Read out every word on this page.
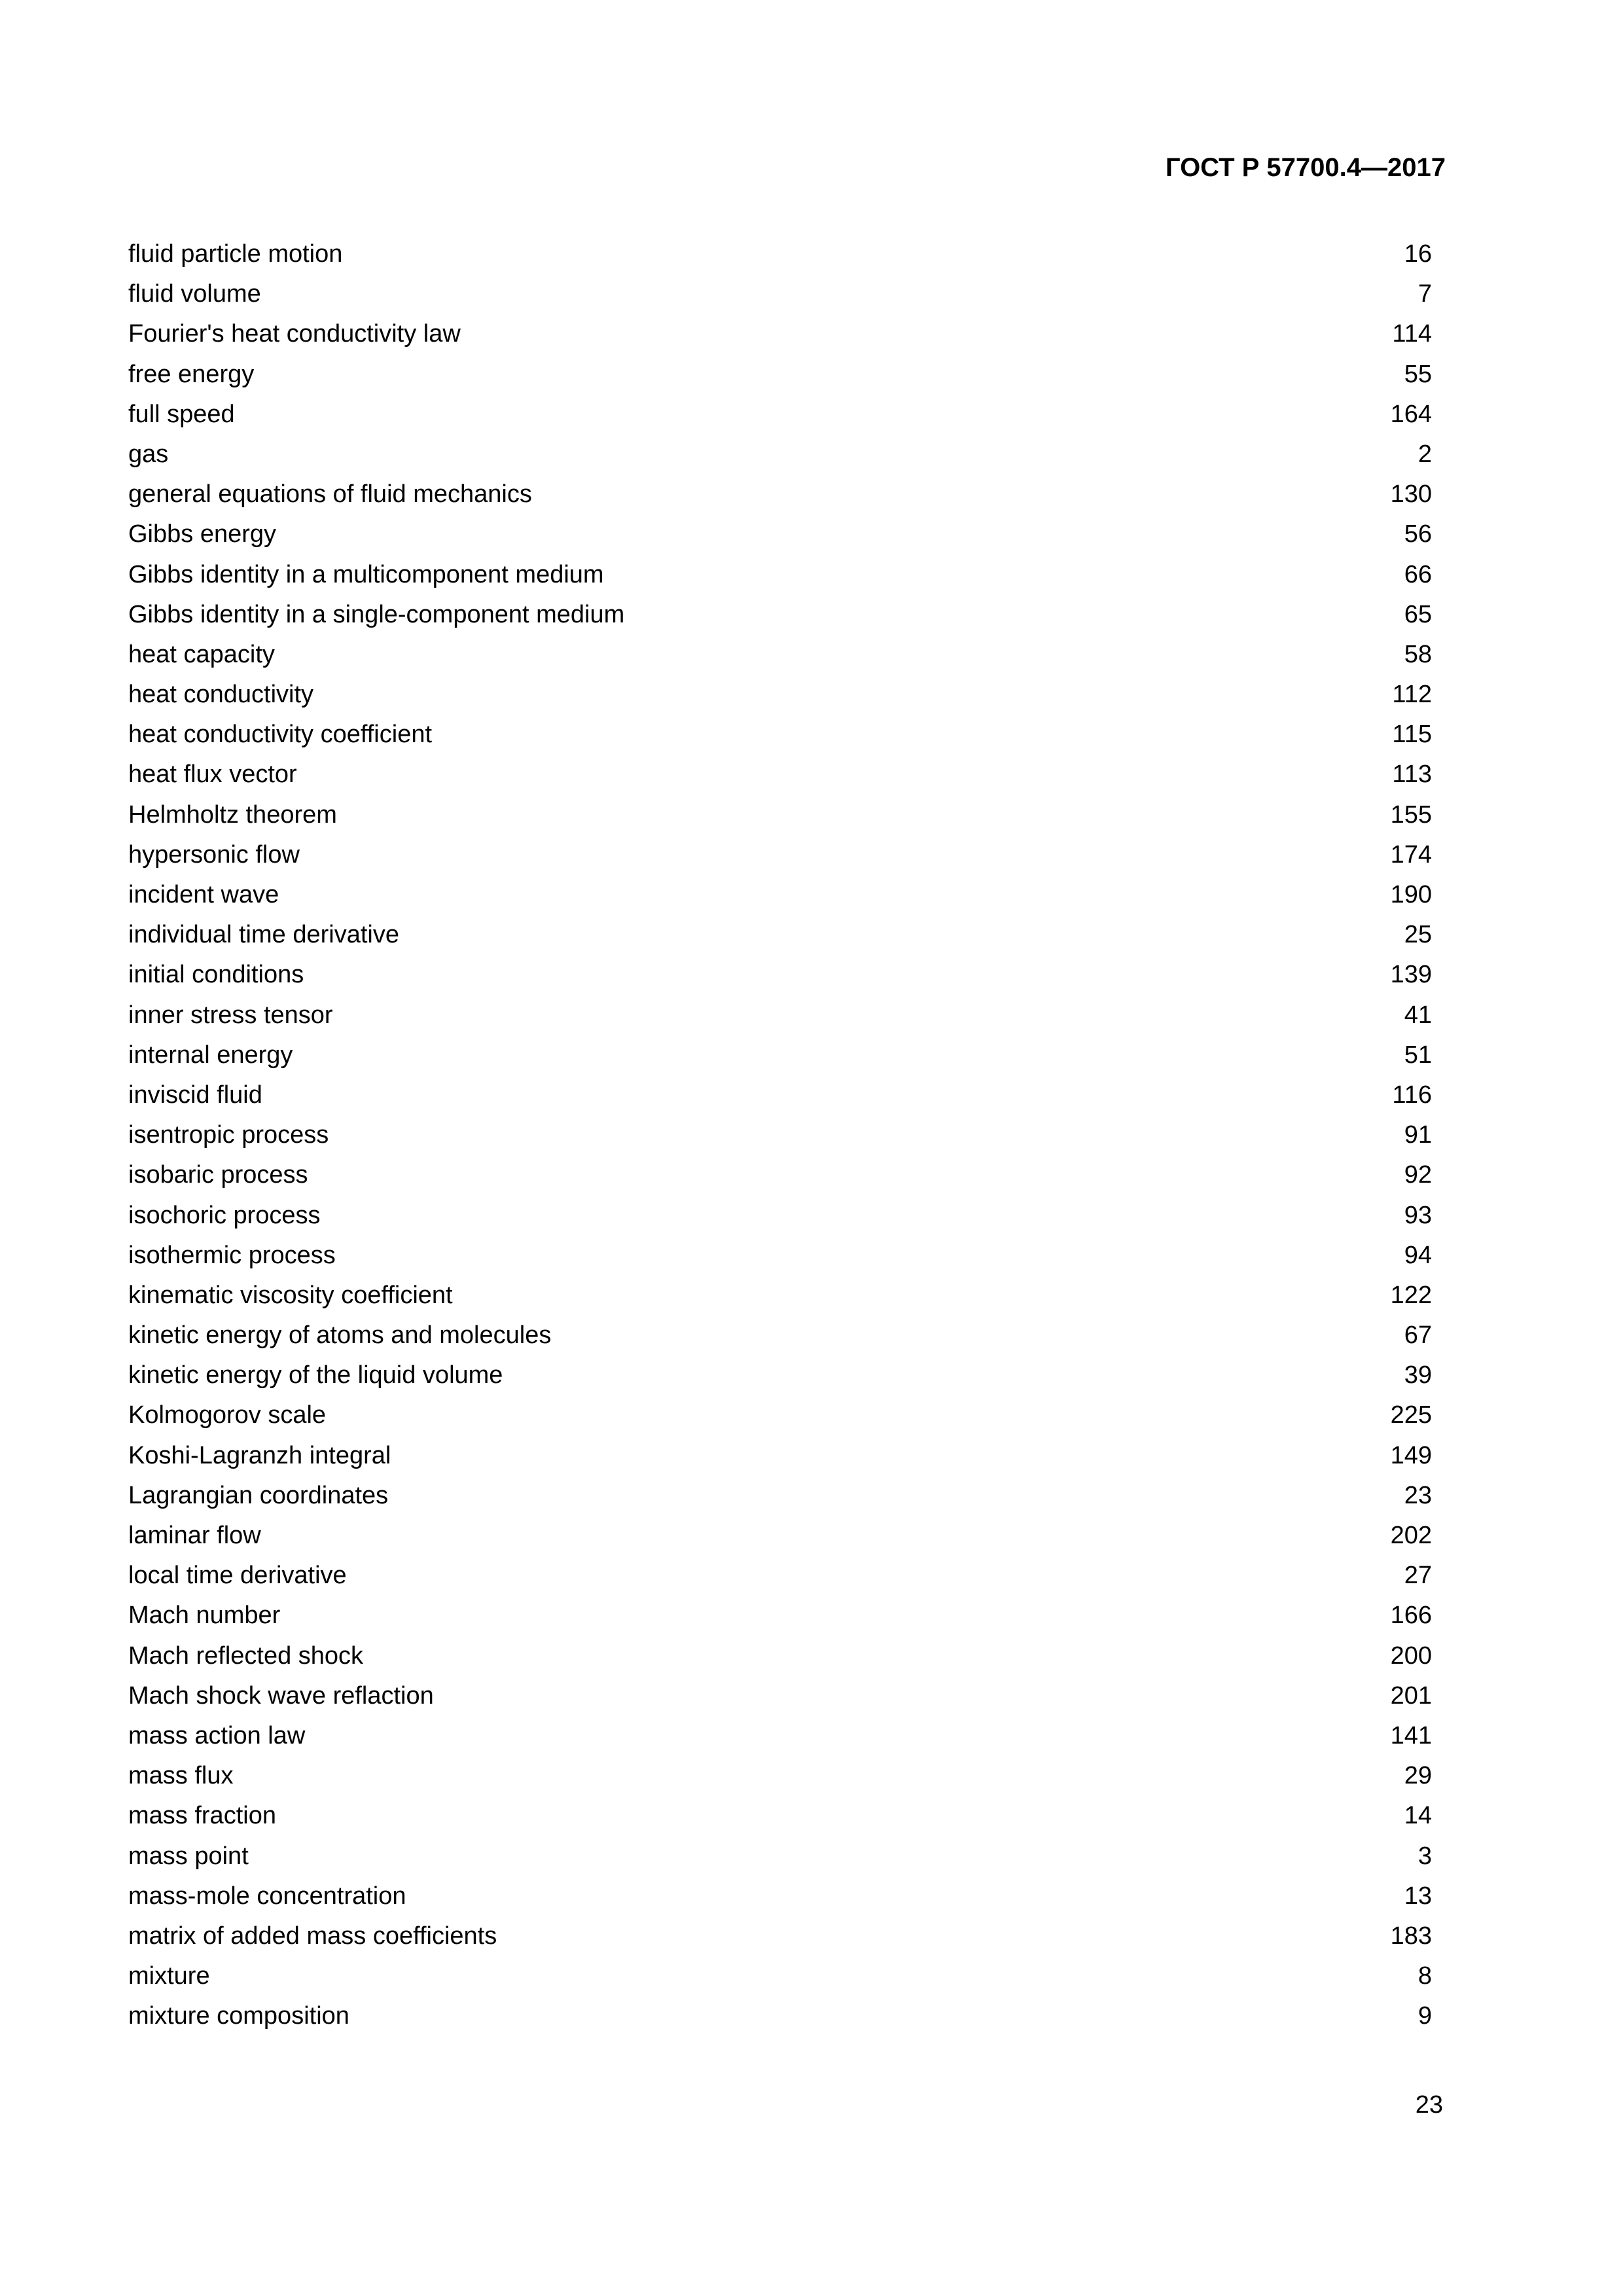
ГОСТ Р 57700.4—2017
fluid particle motion	16
fluid volume	7
Fourier's heat conductivity law	114
free energy	55
full speed	164
gas	2
general equations of fluid mechanics	130
Gibbs energy	56
Gibbs identity in a multicomponent medium	66
Gibbs identity in a single-component medium	65
heat capacity	58
heat conductivity	112
heat conductivity coefficient	115
heat flux vector	113
Helmholtz theorem	155
hypersonic flow	174
incident wave	190
individual time derivative	25
initial conditions	139
inner stress tensor	41
internal energy	51
inviscid fluid	116
isentropic process	91
isobaric process	92
isochoric process	93
isothermic process	94
kinematic viscosity coefficient	122
kinetic energy of atoms and molecules	67
kinetic energy of the liquid volume	39
Kolmogorov scale	225
Koshi-Lagranzh integral	149
Lagrangian coordinates	23
laminar flow	202
local time derivative	27
Mach number	166
Mach reflected shock	200
Mach shock wave reflaction	201
mass action law	141
mass flux	29
mass fraction	14
mass point	3
mass-mole concentration	13
matrix of added mass coefficients	183
mixture	8
mixture composition	9
23
